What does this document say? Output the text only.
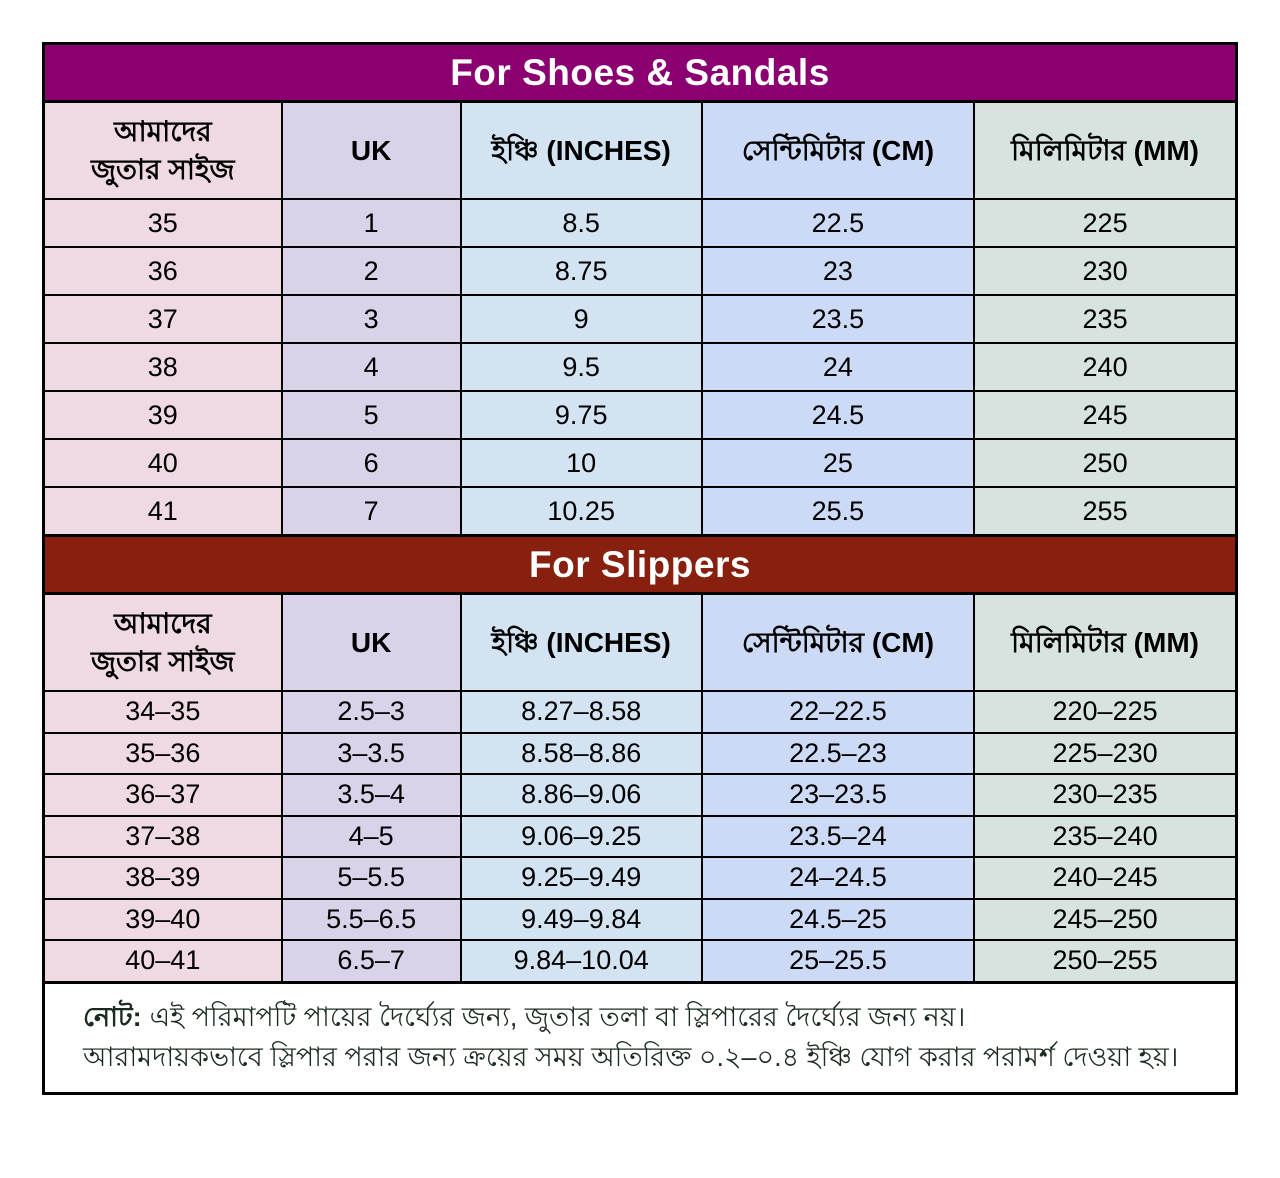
For Shoes & Sandals
আমাদের
জুতার সাইজ
UK	ইঞ্চি (INCHES)	সেন্টিমিটার (CM)	মিলিমিটার (MM)
35	1	8.5	22.5	225
36	2	8.75	23	230
37	3	9	23.5	235
38	4	9.5	24	240
39	5	9.75	24.5	245
40	6	10	25	250
41	7	10.25	25.5	255
For Slippers
আমাদের
জুতার সাইজ
UK	ইঞ্চি (INCHES)	সেন্টিমিটার (CM)	মিলিমিটার (MM)
34–35	2.5–3	8.27–8.58	22–22.5	220–225
35–36	3–3.5	8.58–8.86	22.5–23	225–230
36–37	3.5–4	8.86–9.06	23–23.5	230–235
37–38	4–5	9.06–9.25	23.5–24	235–240
38–39	5–5.5	9.25–9.49	24–24.5	240–245
39–40	5.5–6.5	9.49–9.84	24.5–25	245–250
40–41	6.5–7	9.84–10.04	25–25.5	250–255
নোট: এই পরিমাপটি পায়ের দৈর্ঘ্যের জন্য, জুতার তলা বা স্লিপারের দৈর্ঘ্যের জন্য নয়।
আরামদায়কভাবে স্লিপার পরার জন্য ক্রয়ের সময় অতিরিক্ত ০.২–০.৪ ইঞ্চি যোগ করার পরামর্শ দেওয়া হয়।
